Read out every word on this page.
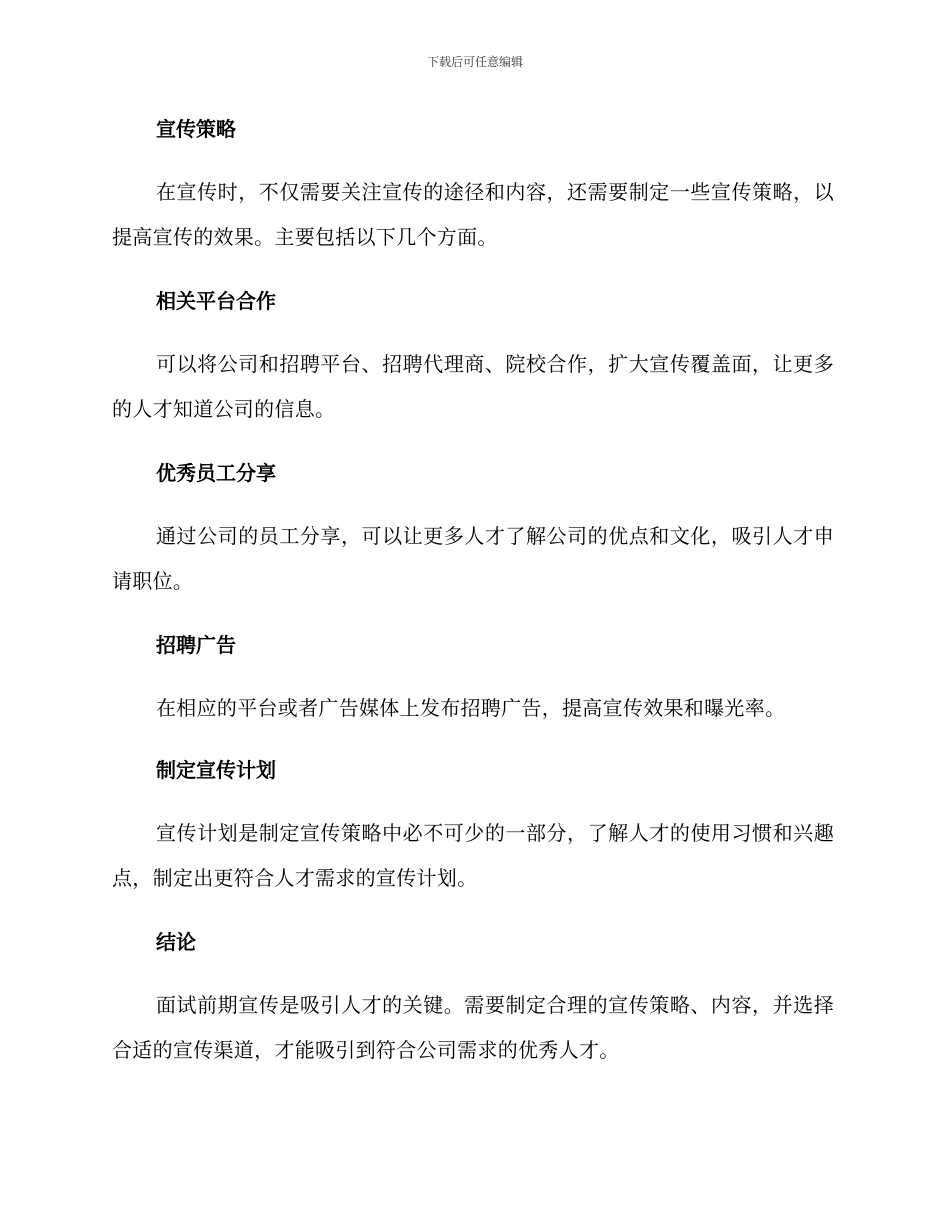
下载后可任意编辑
宣传策略
在宣传时，不仅需要关注宣传的途径和内容，还需要制定一些宣传策略，以提高宣传的效果。主要包括以下几个方面。
相关平台合作
可以将公司和招聘平台、招聘代理商、院校合作，扩大宣传覆盖面，让更多的人才知道公司的信息。
优秀员工分享
通过公司的员工分享，可以让更多人才了解公司的优点和文化，吸引人才申请职位。
招聘广告
在相应的平台或者广告媒体上发布招聘广告，提高宣传效果和曝光率。
制定宣传计划
宣传计划是制定宣传策略中必不可少的一部分，了解人才的使用习惯和兴趣点，制定出更符合人才需求的宣传计划。
结论
面试前期宣传是吸引人才的关键。需要制定合理的宣传策略、内容，并选择合适的宣传渠道，才能吸引到符合公司需求的优秀人才。
